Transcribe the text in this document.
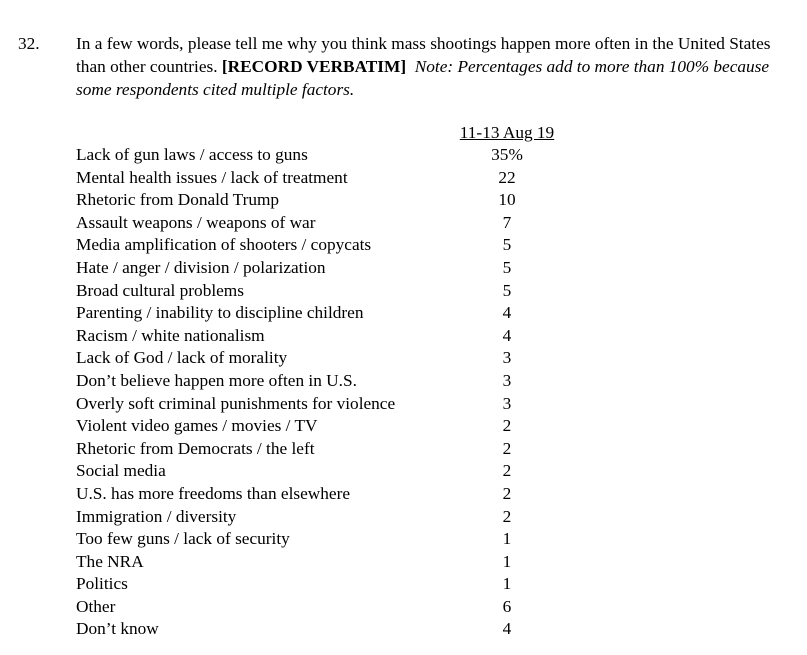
32. In a few words, please tell me why you think mass shootings happen more often in the United States than other countries. [RECORD VERBATIM] Note: Percentages add to more than 100% because some respondents cited multiple factors.
11-13 Aug 19
Lack of gun laws / access to guns	35%
Mental health issues / lack of treatment	22
Rhetoric from Donald Trump	10
Assault weapons / weapons of war	7
Media amplification of shooters / copycats	5
Hate / anger / division / polarization	5
Broad cultural problems	5
Parenting / inability to discipline children	4
Racism / white nationalism	4
Lack of God / lack of morality	3
Don’t believe happen more often in U.S.	3
Overly soft criminal punishments for violence	3
Violent video games / movies / TV	2
Rhetoric from Democrats / the left	2
Social media	2
U.S. has more freedoms than elsewhere	2
Immigration / diversity	2
Too few guns / lack of security	1
The NRA	1
Politics	1
Other	6
Don’t know	4
